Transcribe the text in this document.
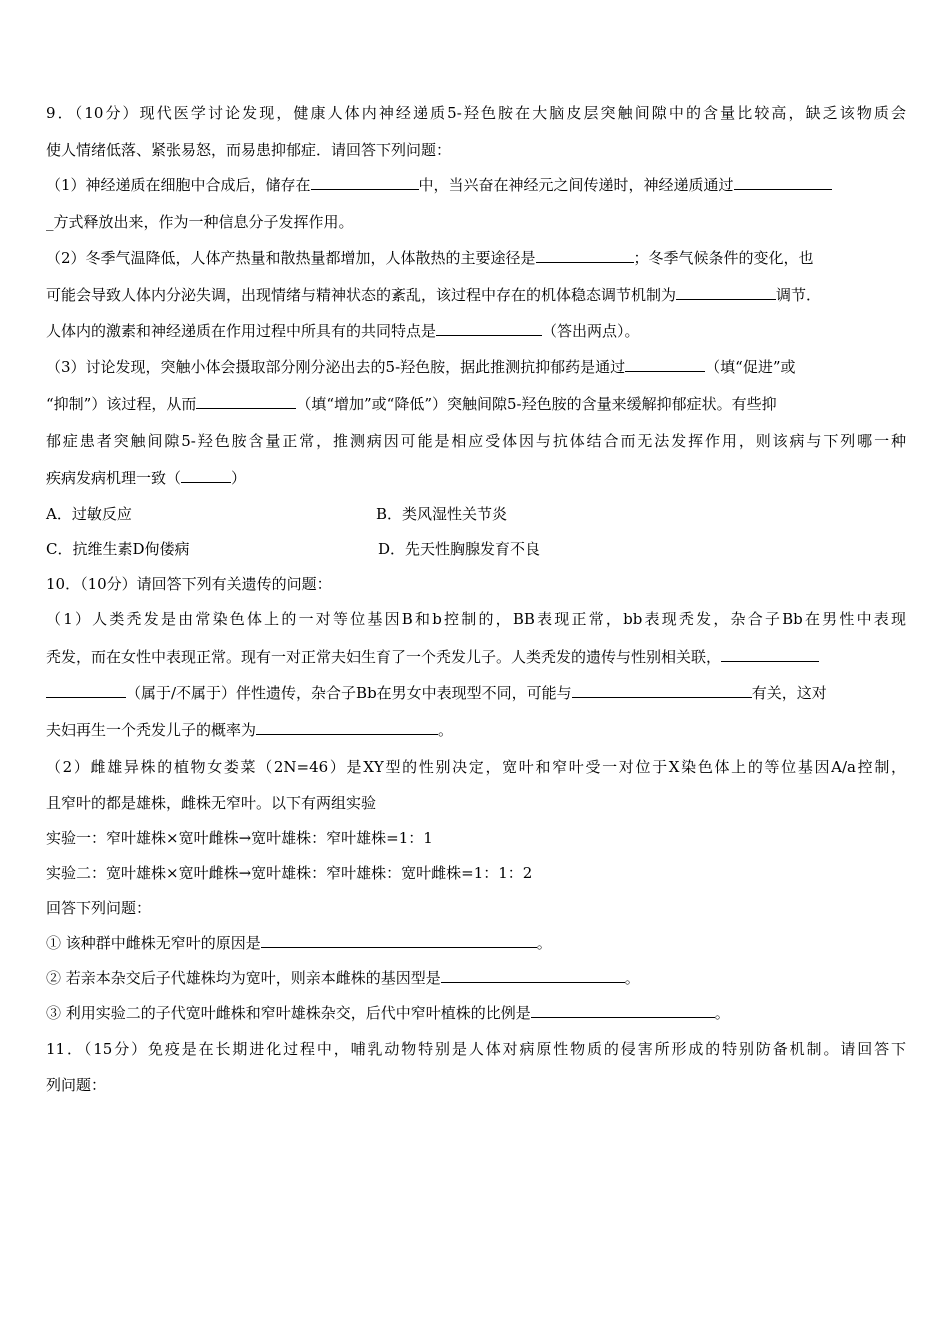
9．（10分）现代医学讨论发现，健康人体内神经递质5-羟色胺在大脑皮层突触间隙中的含量比较高，缺乏该物质会
使人情绪低落、紧张易怒，而易患抑郁症．请回答下列问题：
（1）神经递质在细胞中合成后，储存在	中，当兴奋在神经元之间传递时，神经递质通过
_方式释放出来，作为一种信息分子发挥作用。
（2）冬季气温降低，人体产热量和散热量都增加，人体散热的主要途径是	；冬季气候条件的变化，也
可能会导致人体内分泌失调，出现情绪与精神状态的紊乱，该过程中存在的机体稳态调节机制为	调节．
人体内的激素和神经递质在作用过程中所具有的共同特点是	（答出两点）。
（3）讨论发现，突触小体会摄取部分刚分泌出去的5-羟色胺，据此推测抗抑郁药是通过	（填“促进”或
“抑制”）该过程，从而	（填“增加”或“降低”）突触间隙5-羟色胺的含量来缓解抑郁症状。有些抑
郁症患者突触间隙5-羟色胺含量正常，推测病因可能是相应受体因与抗体结合而无法发挥作用，则该病与下列哪一种
疾病发病机理一致（	）
A．过敏反应	B．类风湿性关节炎
C．抗维生素D佝偻病	D．先天性胸腺发育不良
10．（10分）请回答下列有关遗传的问题：
（1）人类秃发是由常染色体上的一对等位基因B和b控制的，BB表现正常，bb表现秃发，杂合子Bb在男性中表现
秃发，而在女性中表现正常。现有一对正常夫妇生育了一个秃发儿子。人类秃发的遗传与性别相关联，
（属于/不属于）伴性遗传，杂合子Bb在男女中表现型不同，可能与	有关，这对
夫妇再生一个秃发儿子的概率为	。
（2）雌雄异株的植物女娄菜（2N=46）是XY型的性别决定，宽叶和窄叶受一对位于X染色体上的等位基因A/a控制，
且窄叶的都是雄株，雌株无窄叶。以下有两组实验
实验一：窄叶雄株×宽叶雌株→宽叶雄株：窄叶雄株=1：1
实验二：宽叶雄株×宽叶雌株→宽叶雄株：窄叶雄株：宽叶雌株=1：1：2
回答下列问题：
① 该种群中雌株无窄叶的原因是	。
② 若亲本杂交后子代雄株均为宽叶，则亲本雌株的基因型是	。
③ 利用实验二的子代宽叶雌株和窄叶雄株杂交，后代中窄叶植株的比例是	。
11．（15分）免疫是在长期进化过程中，哺乳动物特别是人体对病原性物质的侵害所形成的特别防备机制。请回答下
列问题：
